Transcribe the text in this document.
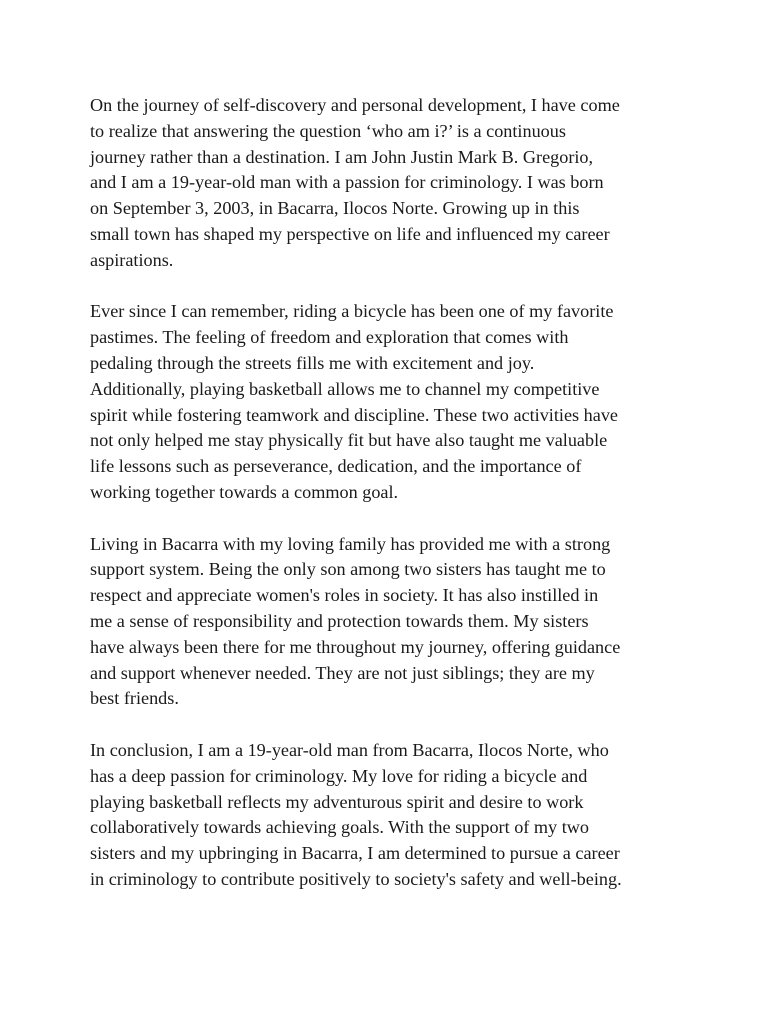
On the journey of self-discovery and personal development, I have come
to realize that answering the question ‘who am i?’ is a continuous
journey rather than a destination. I am John Justin Mark B. Gregorio,
and I am a 19-year-old man with a passion for criminology. I was born
on September 3, 2003, in Bacarra, Ilocos Norte. Growing up in this
small town has shaped my perspective on life and influenced my career
aspirations.

Ever since I can remember, riding a bicycle has been one of my favorite
pastimes. The feeling of freedom and exploration that comes with
pedaling through the streets fills me with excitement and joy.
Additionally, playing basketball allows me to channel my competitive
spirit while fostering teamwork and discipline. These two activities have
not only helped me stay physically fit but have also taught me valuable
life lessons such as perseverance, dedication, and the importance of
working together towards a common goal.

Living in Bacarra with my loving family has provided me with a strong
support system. Being the only son among two sisters has taught me to
respect and appreciate women's roles in society. It has also instilled in
me a sense of responsibility and protection towards them. My sisters
have always been there for me throughout my journey, offering guidance
and support whenever needed. They are not just siblings; they are my
best friends.

In conclusion, I am a 19-year-old man from Bacarra, Ilocos Norte, who
has a deep passion for criminology. My love for riding a bicycle and
playing basketball reflects my adventurous spirit and desire to work
collaboratively towards achieving goals. With the support of my two
sisters and my upbringing in Bacarra, I am determined to pursue a career
in criminology to contribute positively to society's safety and well-being.
